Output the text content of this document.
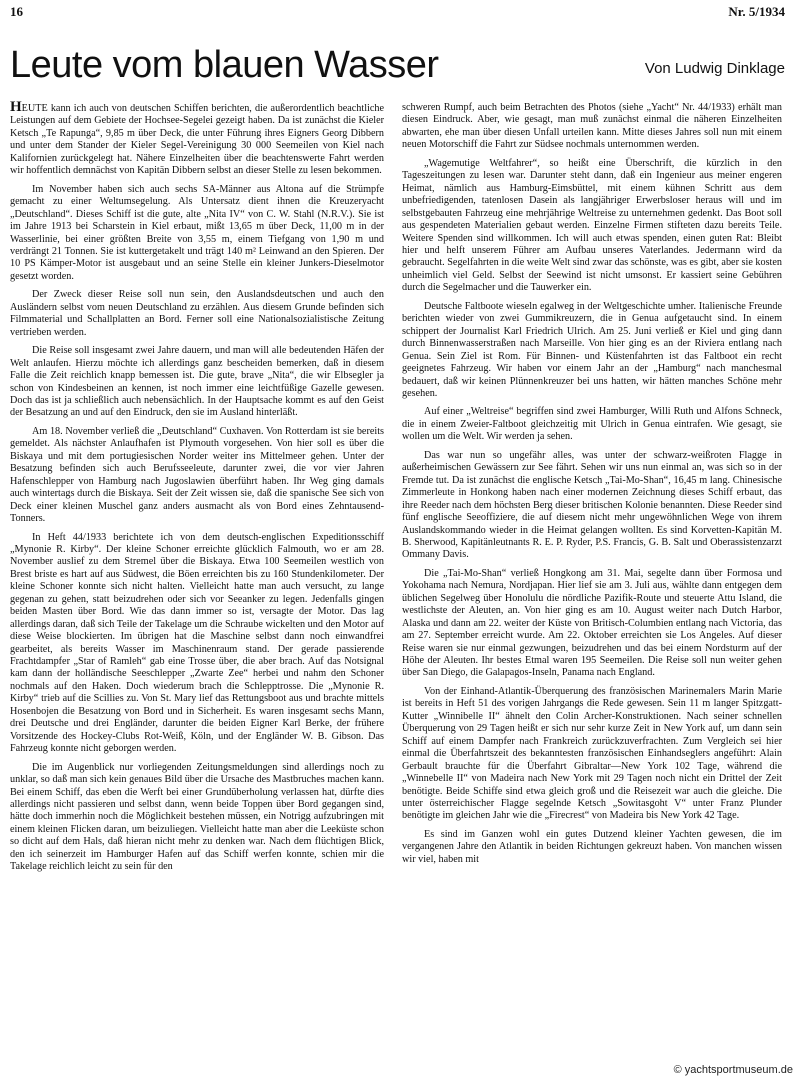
16	Nr. 5/1934
Leute vom blauen Wasser	Von Ludwig Dinklage

HEUTE kann ich auch von deutschen Schiffen berichten, die außerordentlich beachtliche Leistungen auf dem Gebiete der Hochsee-Segelei gezeigt haben. Da ist zunächst die Kieler Ketsch „Te Rapunga“, 9,85 m über Deck, die unter Führung ihres Eigners Georg Dibbern und unter dem Stander der Kieler Segel-Vereinigung 30 000 Seemeilen von Kiel nach Kalifornien zurückgelegt hat. Nähere Einzelheiten über die beachtenswerte Fahrt werden wir hoffentlich demnächst von Kapitän Dibbern selbst an dieser Stelle zu lesen bekommen.

Im November haben sich auch sechs SA-Männer aus Altona auf die Strümpfe gemacht zu einer Weltumsegelung. Als Untersatz dient ihnen die Kreuzeryacht „Deutschland“. Dieses Schiff ist die gute, alte „Nita IV“ von C. W. Stahl (N.R.V.). Sie ist im Jahre 1913 bei Scharstein in Kiel erbaut, mißt 13,65 m über Deck, 11,00 m in der Wasserlinie, bei einer größten Breite von 3,55 m, einem Tiefgang von 1,90 m und verdrängt 21 Tonnen. Sie ist kuttergetakelt und trägt 140 m² Leinwand an den Spieren. Der 10 PS Kämper-Motor ist ausgebaut und an seine Stelle ein kleiner Junkers-Dieselmotor gesetzt worden.

Der Zweck dieser Reise soll nun sein, den Auslandsdeutschen und auch den Ausländern selbst vom neuen Deutschland zu erzählen. Aus diesem Grunde befinden sich Filmmaterial und Schallplatten an Bord. Ferner soll eine Nationalsozialistische Zeitung vertrieben werden.

Die Reise soll insgesamt zwei Jahre dauern, und man will alle bedeutenden Häfen der Welt anlaufen. Hierzu möchte ich allerdings ganz bescheiden bemerken, daß in diesem Falle die Zeit reichlich knapp bemessen ist. Die gute, brave „Nita“, die wir Elbsegler ja schon von Kindesbeinen an kennen, ist noch immer eine leichtfüßige Gazelle gewesen. Doch das ist ja schließlich auch nebensächlich. In der Hauptsache kommt es auf den Geist der Besatzung an und auf den Eindruck, den sie im Ausland hinterläßt.

Am 18. November verließ die „Deutschland“ Cuxhaven. Von Rotterdam ist sie bereits gemeldet. Als nächster Anlaufhafen ist Plymouth vorgesehen. Von hier soll es über die Biskaya und mit dem portugiesischen Norder weiter ins Mittelmeer gehen. Unter der Besatzung befinden sich auch Berufsseeleute, darunter zwei, die vor vier Jahren Hafenschlepper von Hamburg nach Jugoslawien überführt haben. Ihr Weg ging damals auch wintertags durch die Biskaya. Seit der Zeit wissen sie, daß die spanische See sich von Deck einer kleinen Muschel ganz anders ausmacht als von Bord eines Zehntausend-Tonners.

In Heft 44/1933 berichtete ich von dem deutsch-englischen Expeditionsschiff „Mynonie R. Kirby“. Der kleine Schoner erreichte glücklich Falmouth, wo er am 28. November auslief zu dem Stremel über die Biskaya. Etwa 100 Seemeilen westlich von Brest briste es hart auf aus Südwest, die Böen erreichten bis zu 160 Stundenkilometer. Der kleine Schoner konnte sich nicht halten. Vielleicht hatte man auch versucht, zu lange gegenan zu gehen, statt beizudrehen oder sich vor Seeanker zu legen. Jedenfalls gingen beiden Masten über Bord. Wie das dann immer so ist, versagte der Motor. Das lag allerdings daran, daß sich Teile der Takelage um die Schraube wickelten und den Motor auf diese Weise blockierten. Im übrigen hat die Maschine selbst dann noch einwandfrei gearbeitet, als bereits Wasser im Maschinenraum stand. Der gerade passierende Frachtdampfer „Star of Ramleh“ gab eine Trosse über, die aber brach. Auf das Notsignal kam dann der holländische Seeschlepper „Zwarte Zee“ herbei und nahm den Schoner nochmals auf den Haken. Doch wiederum brach die Schlepptrosse. Die „Mynonie R. Kirby“ trieb auf die Scillies zu. Von St. Mary lief das Rettungsboot aus und brachte mittels Hosenbojen die Besatzung von Bord und in Sicherheit. Es waren insgesamt sechs Mann, drei Deutsche und drei Engländer, darunter die beiden Eigner Karl Berke, der frühere Vorsitzende des Hockey-Clubs Rot-Weiß, Köln, und der Engländer W. B. Gibson. Das Fahrzeug konnte nicht geborgen werden.

Die im Augenblick nur vorliegenden Zeitungsmeldungen sind allerdings noch zu unklar, so daß man sich kein genaues Bild über die Ursache des Mastbruches machen kann. Bei einem Schiff, das eben die Werft bei einer Grundüberholung verlassen hat, dürfte dies allerdings nicht passieren und selbst dann, wenn beide Toppen über Bord gegangen sind, hätte doch immerhin noch die Möglichkeit bestehen müssen, ein Notrigg aufzubringen mit einem kleinen Flicken daran, um beizuliegen. Vielleicht hatte man aber die Leeküste schon so dicht auf dem Hals, daß hieran nicht mehr zu denken war. Nach dem flüchtigen Blick, den ich seinerzeit im Hamburger Hafen auf das Schiff werfen konnte, schien mir die Takelage reichlich leicht zu sein für den

schweren Rumpf, auch beim Betrachten des Photos (siehe „Yacht“ Nr. 44/1933) erhält man diesen Eindruck. Aber, wie gesagt, man muß zunächst einmal die näheren Einzelheiten abwarten, ehe man über diesen Unfall urteilen kann. Mitte dieses Jahres soll nun mit einem neuen Motorschiff die Fahrt zur Südsee nochmals unternommen werden.

„Wagemutige Weltfahrer“, so heißt eine Überschrift, die kürzlich in den Tageszeitungen zu lesen war. Darunter steht dann, daß ein Ingenieur aus meiner engeren Heimat, nämlich aus Hamburg-Eimsbüttel, mit einem kühnen Schritt aus dem unbefriedigenden, tatenlosen Dasein als langjähriger Erwerbsloser heraus will und im selbstgebauten Fahrzeug eine mehrjährige Weltreise zu unternehmen gedenkt. Das Boot soll aus gespendeten Materialien gebaut werden. Einzelne Firmen stifteten dazu bereits Teile. Weitere Spenden sind willkommen. Ich will auch etwas spenden, einen guten Rat: Bleibt hier und helft unserem Führer am Aufbau unseres Vaterlandes. Jedermann wird da gebraucht. Segelfahrten in die weite Welt sind zwar das schönste, was es gibt, aber sie kosten unheimlich viel Geld. Selbst der Seewind ist nicht umsonst. Er kassiert seine Gebühren durch die Segelmacher und die Tauwerker ein.

Deutsche Faltboote wieseln egalweg in der Weltgeschichte umher. Italienische Freunde berichten wieder von zwei Gummikreuzern, die in Genua aufgetaucht sind. In einem schippert der Journalist Karl Friedrich Ulrich. Am 25. Juni verließ er Kiel und ging dann durch Binnenwasserstraßen nach Marseille. Von hier ging es an der Riviera entlang nach Genua. Sein Ziel ist Rom. Für Binnen- und Küstenfahrten ist das Faltboot ein recht geeignetes Fahrzeug. Wir haben vor einem Jahr an der „Hamburg“ nach manchesmal bedauert, daß wir keinen Plünnenkreuzer bei uns hatten, wir hätten manches Schöne mehr gesehen.

Auf einer „Weltreise“ begriffen sind zwei Hamburger, Willi Ruth und Alfons Schneck, die in einem Zweier-Faltboot gleichzeitig mit Ulrich in Genua eintrafen. Wie gesagt, sie wollen um die Welt. Wir werden ja sehen.

Das war nun so ungefähr alles, was unter der schwarz-weißroten Flagge in außerheimischen Gewässern zur See fährt. Sehen wir uns nun einmal an, was sich so in der Fremde tut. Da ist zunächst die englische Ketsch „Tai-Mo-Shan“, 16,45 m lang. Chinesische Zimmerleute in Honkong haben nach einer modernen Zeichnung dieses Schiff erbaut, das ihre Reeder nach dem höchsten Berg dieser britischen Kolonie benannten. Diese Reeder sind fünf englische Seeoffiziere, die auf diesem nicht mehr ungewöhnlichen Wege von ihrem Auslandskommando wieder in die Heimat gelangen wollten. Es sind Korvetten-Kapitän M. B. Sherwood, Kapitänleutnants R. E. P. Ryder, P.S. Francis, G. B. Salt und Oberassistenzarzt Ommany Davis.

Die „Tai-Mo-Shan“ verließ Hongkong am 31. Mai, segelte dann über Formosa und Yokohama nach Nemura, Nordjapan. Hier lief sie am 3. Juli aus, wählte dann entgegen dem üblichen Segelweg über Honolulu die nördliche Pazifik-Route und steuerte Attu Island, die westlichste der Aleuten, an. Von hier ging es am 10. August weiter nach Dutch Harbor, Alaska und dann am 22. weiter der Küste von Britisch-Columbien entlang nach Victoria, das am 27. September erreicht wurde. Am 22. Oktober erreichten sie Los Angeles. Auf dieser Reise waren sie nur einmal gezwungen, beizudrehen und das bei einem Nordsturm auf der Höhe der Aleuten. Ihr bestes Etmal waren 195 Seemeilen. Die Reise soll nun weiter gehen über San Diego, die Galapagos-Inseln, Panama nach England.

Von der Einhand-Atlantik-Überquerung des französischen Marinemalers Marin Marie ist bereits in Heft 51 des vorigen Jahrgangs die Rede gewesen. Sein 11 m langer Spitzgatt-Kutter „Winnibelle II“ ähnelt den Colin Archer-Konstruktionen. Nach seiner schnellen Überquerung von 29 Tagen heißt er sich nur sehr kurze Zeit in New York auf, um dann sein Schiff auf einem Dampfer nach Frankreich zurückzuverfrachten. Zum Vergleich sei hier einmal die Überfahrtszeit des bekanntesten französischen Einhandseglers angeführt: Alain Gerbault brauchte für die Überfahrt Gibraltar—New York 102 Tage, während die „Winnebelle II“ von Madeira nach New York mit 29 Tagen noch nicht ein Drittel der Zeit benötigte. Beide Schiffe sind etwa gleich groß und die Reisezeit war auch die gleiche. Die unter österreichischer Flagge segelnde Ketsch „Sowitasgoht V“ unter Franz Plunder benötigte im gleichen Jahr wie die „Firecrest“ von Madeira bis New York 42 Tage.

Es sind im Ganzen wohl ein gutes Dutzend kleiner Yachten gewesen, die im vergangenen Jahre den Atlantik in beiden Richtungen gekreuzt haben. Von manchen wissen wir viel, haben mit

© yachtsportmuseum.de
